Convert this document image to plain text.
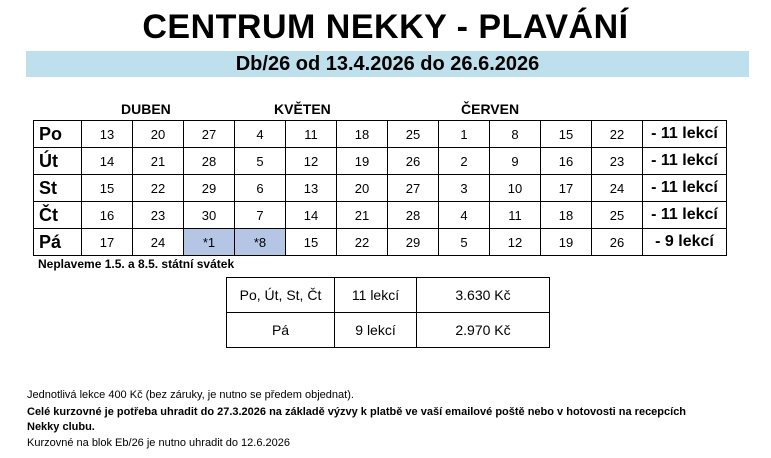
CENTRUM NEKKY - PLAVÁNÍ
Db/26 od 13.4.2026 do 26.6.2026
DUBEN	KVĚTEN	ČERVEN
Po	13	20	27	4	11	18	25	1	8	15	22	- 11 lekcí
Út	14	21	28	5	12	19	26	2	9	16	23	- 11 lekcí
St	15	22	29	6	13	20	27	3	10	17	24	- 11 lekcí
Čt	16	23	30	7	14	21	28	4	11	18	25	- 11 lekcí
Pá	17	24	*1	*8	15	22	29	5	12	19	26	- 9 lekcí
Neplaveme 1.5. a 8.5. státní svátek
Po, Út, St, Čt	11 lekcí	3.630 Kč
Pá	9 lekcí	2.970 Kč
Jednotlivá lekce 400 Kč (bez záruky, je nutno se předem objednat).
Celé kurzovné je potřeba uhradit do 27.3.2026 na základě výzvy k platbě ve vaší emailové poště nebo v hotovosti na recepcích
Nekky clubu.
Kurzovné na blok Eb/26 je nutno uhradit do 12.6.2026
